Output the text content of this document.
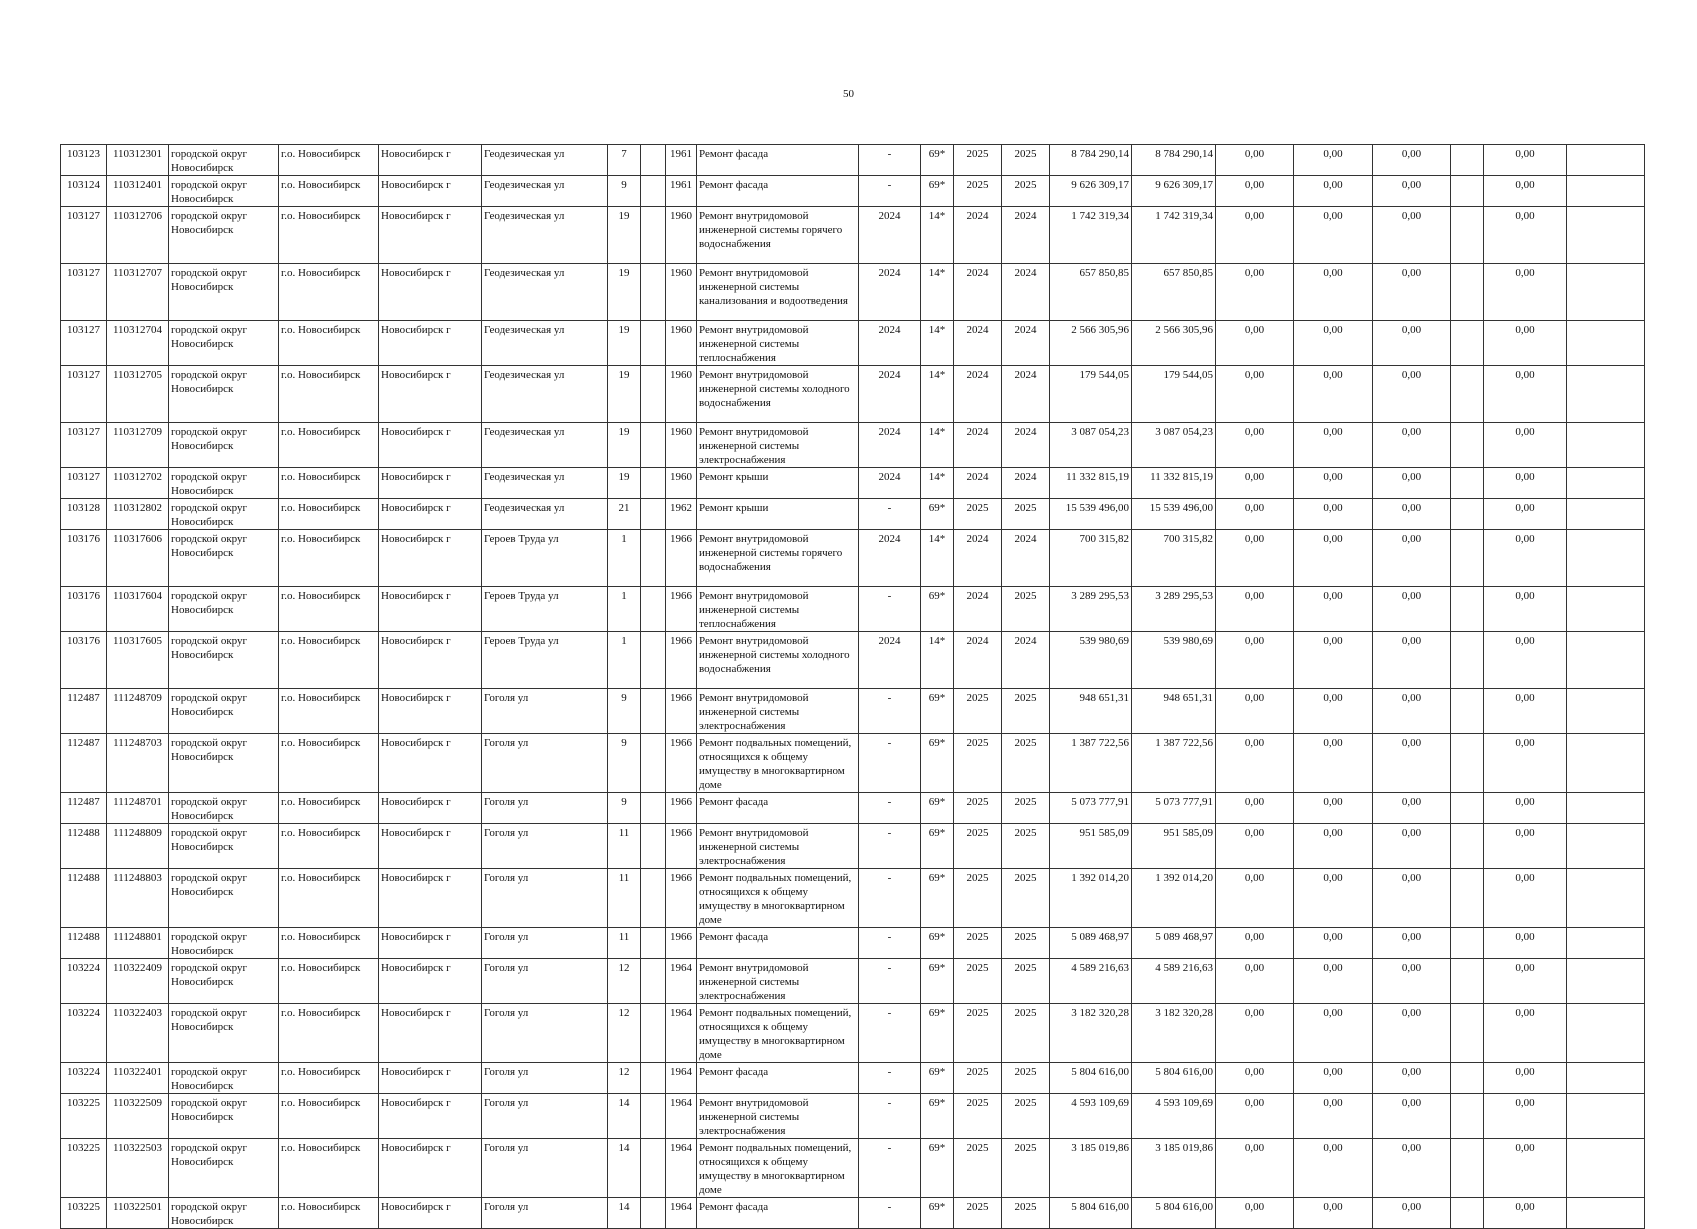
50
103123	110312301	городской округ Новосибирск	г.о. Новосибирск	Новосибирск г	Геодезическая ул	7		1961	Ремонт фасада	-	69*	2025	2025	8 784 290,14	8 784 290,14	0,00	0,00	0,00		0,00	
103124	110312401	городской округ Новосибирск	г.о. Новосибирск	Новосибирск г	Геодезическая ул	9		1961	Ремонт фасада	-	69*	2025	2025	9 626 309,17	9 626 309,17	0,00	0,00	0,00		0,00	
103127	110312706	городской округ Новосибирск	г.о. Новосибирск	Новосибирск г	Геодезическая ул	19		1960	Ремонт внутридомовой инженерной системы горячего водоснабжения	2024	14*	2024	2024	1 742 319,34	1 742 319,34	0,00	0,00	0,00		0,00	
103127	110312707	городской округ Новосибирск	г.о. Новосибирск	Новосибирск г	Геодезическая ул	19		1960	Ремонт внутридомовой инженерной системы канализования и водоотведения	2024	14*	2024	2024	657 850,85	657 850,85	0,00	0,00	0,00		0,00	
103127	110312704	городской округ Новосибирск	г.о. Новосибирск	Новосибирск г	Геодезическая ул	19		1960	Ремонт внутридомовой инженерной системы теплоснабжения	2024	14*	2024	2024	2 566 305,96	2 566 305,96	0,00	0,00	0,00		0,00	
103127	110312705	городской округ Новосибирск	г.о. Новосибирск	Новосибирск г	Геодезическая ул	19		1960	Ремонт внутридомовой инженерной системы холодного водоснабжения	2024	14*	2024	2024	179 544,05	179 544,05	0,00	0,00	0,00		0,00	
103127	110312709	городской округ Новосибирск	г.о. Новосибирск	Новосибирск г	Геодезическая ул	19		1960	Ремонт внутридомовой инженерной системы электроснабжения	2024	14*	2024	2024	3 087 054,23	3 087 054,23	0,00	0,00	0,00		0,00	
103127	110312702	городской округ Новосибирск	г.о. Новосибирск	Новосибирск г	Геодезическая ул	19		1960	Ремонт крыши	2024	14*	2024	2024	11 332 815,19	11 332 815,19	0,00	0,00	0,00		0,00	
103128	110312802	городской округ Новосибирск	г.о. Новосибирск	Новосибирск г	Геодезическая ул	21		1962	Ремонт крыши	-	69*	2025	2025	15 539 496,00	15 539 496,00	0,00	0,00	0,00		0,00	
103176	110317606	городской округ Новосибирск	г.о. Новосибирск	Новосибирск г	Героев Труда ул	1		1966	Ремонт внутридомовой инженерной системы горячего водоснабжения	2024	14*	2024	2024	700 315,82	700 315,82	0,00	0,00	0,00		0,00	
103176	110317604	городской округ Новосибирск	г.о. Новосибирск	Новосибирск г	Героев Труда ул	1		1966	Ремонт внутридомовой инженерной системы теплоснабжения	-	69*	2024	2025	3 289 295,53	3 289 295,53	0,00	0,00	0,00		0,00	
103176	110317605	городской округ Новосибирск	г.о. Новосибирск	Новосибирск г	Героев Труда ул	1		1966	Ремонт внутридомовой инженерной системы холодного водоснабжения	2024	14*	2024	2024	539 980,69	539 980,69	0,00	0,00	0,00		0,00	
112487	111248709	городской округ Новосибирск	г.о. Новосибирск	Новосибирск г	Гоголя ул	9		1966	Ремонт внутридомовой инженерной системы электроснабжения	-	69*	2025	2025	948 651,31	948 651,31	0,00	0,00	0,00		0,00	
112487	111248703	городской округ Новосибирск	г.о. Новосибирск	Новосибирск г	Гоголя ул	9		1966	Ремонт подвальных помещений, относящихся к общему имуществу в многоквартирном доме	-	69*	2025	2025	1 387 722,56	1 387 722,56	0,00	0,00	0,00		0,00	
112487	111248701	городской округ Новосибирск	г.о. Новосибирск	Новосибирск г	Гоголя ул	9		1966	Ремонт фасада	-	69*	2025	2025	5 073 777,91	5 073 777,91	0,00	0,00	0,00		0,00	
112488	111248809	городской округ Новосибирск	г.о. Новосибирск	Новосибирск г	Гоголя ул	11		1966	Ремонт внутридомовой инженерной системы электроснабжения	-	69*	2025	2025	951 585,09	951 585,09	0,00	0,00	0,00		0,00	
112488	111248803	городской округ Новосибирск	г.о. Новосибирск	Новосибирск г	Гоголя ул	11		1966	Ремонт подвальных помещений, относящихся к общему имуществу в многоквартирном доме	-	69*	2025	2025	1 392 014,20	1 392 014,20	0,00	0,00	0,00		0,00	
112488	111248801	городской округ Новосибирск	г.о. Новосибирск	Новосибирск г	Гоголя ул	11		1966	Ремонт фасада	-	69*	2025	2025	5 089 468,97	5 089 468,97	0,00	0,00	0,00		0,00	
103224	110322409	городской округ Новосибирск	г.о. Новосибирск	Новосибирск г	Гоголя ул	12		1964	Ремонт внутридомовой инженерной системы электроснабжения	-	69*	2025	2025	4 589 216,63	4 589 216,63	0,00	0,00	0,00		0,00	
103224	110322403	городской округ Новосибирск	г.о. Новосибирск	Новосибирск г	Гоголя ул	12		1964	Ремонт подвальных помещений, относящихся к общему имуществу в многоквартирном доме	-	69*	2025	2025	3 182 320,28	3 182 320,28	0,00	0,00	0,00		0,00	
103224	110322401	городской округ Новосибирск	г.о. Новосибирск	Новосибирск г	Гоголя ул	12		1964	Ремонт фасада	-	69*	2025	2025	5 804 616,00	5 804 616,00	0,00	0,00	0,00		0,00	
103225	110322509	городской округ Новосибирск	г.о. Новосибирск	Новосибирск г	Гоголя ул	14		1964	Ремонт внутридомовой инженерной системы электроснабжения	-	69*	2025	2025	4 593 109,69	4 593 109,69	0,00	0,00	0,00		0,00	
103225	110322503	городской округ Новосибирск	г.о. Новосибирск	Новосибирск г	Гоголя ул	14		1964	Ремонт подвальных помещений, относящихся к общему имуществу в многоквартирном доме	-	69*	2025	2025	3 185 019,86	3 185 019,86	0,00	0,00	0,00		0,00	
103225	110322501	городской округ Новосибирск	г.о. Новосибирск	Новосибирск г	Гоголя ул	14		1964	Ремонт фасада	-	69*	2025	2025	5 804 616,00	5 804 616,00	0,00	0,00	0,00		0,00	
